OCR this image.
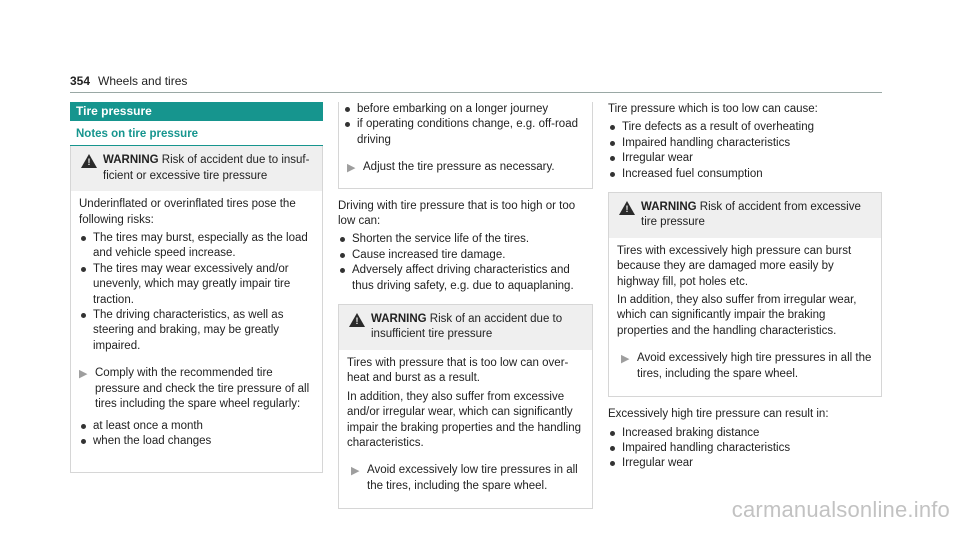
354 Wheels and tires
Tire pressure
Notes on tire pressure
! WARNING Risk of accident due to insufficient or excessive tire pressure

Underinflated or overinflated tires pose the following risks:

The tires may burst, especially as the load and vehicle speed increase.
The tires may wear excessively and/or unevenly, which may greatly impair tire traction.
The driving characteristics, as well as steering and braking, may be greatly impaired.
▶ Comply with the recommended tire pressure and check the tire pressure of all tires including the spare wheel regularly:
at least once a month
when the load changes
before embarking on a longer journey
if operating conditions change, e.g. off-road driving
▶ Adjust the tire pressure as necessary.

Driving with tire pressure that is too high or too low can:

Shorten the service life of the tires.
Cause increased tire damage.
Adversely affect driving characteristics and thus driving safety, e.g. due to aquaplaning.
! WARNING Risk of an accident due to insufficient tire pressure

Tires with pressure that is too low can overheat and burst as a result.

In addition, they also suffer from excessive and/or irregular wear, which can significantly impair the braking properties and the handling characteristics.

▶ Avoid excessively low tire pressures in all the tires, including the spare wheel.

Tire pressure which is too low can cause:

Tire defects as a result of overheating
Impaired handling characteristics
Irregular wear
Increased fuel consumption
! WARNING Risk of accident from excessive tire pressure

Tires with excessively high pressure can burst because they are damaged more easily by highway fill, pot holes etc.

In addition, they also suffer from irregular wear, which can significantly impair the braking properties and the handling characteristics.

▶ Avoid excessively high tire pressures in all the tires, including the spare wheel.

Excessively high tire pressure can result in:

Increased braking distance
Impaired handling characteristics
Irregular wear
carmanualsonline.info
